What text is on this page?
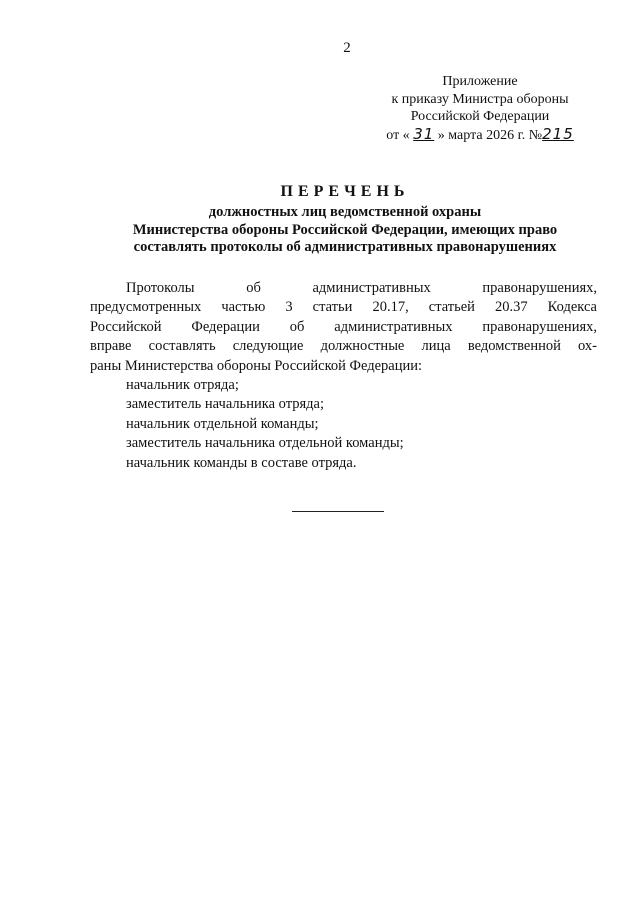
2
Приложение
к приказу Министра обороны
Российской Федерации
от « 31 » марта 2026 г. №215
ПЕРЕЧЕНЬ
должностных лиц ведомственной охраны
Министерства обороны Российской Федерации, имеющих право
составлять протоколы об административных правонарушениях
Протоколы об административных правонарушениях,
предусмотренных частью 3 статьи 20.17, статьей 20.37 Кодекса
Российской Федерации об административных правонарушениях,
вправе составлять следующие должностные лица ведомственной ох-
раны Министерства обороны Российской Федерации:
начальник отряда;
заместитель начальника отряда;
начальник отдельной команды;
заместитель начальника отдельной команды;
начальник команды в составе отряда.
